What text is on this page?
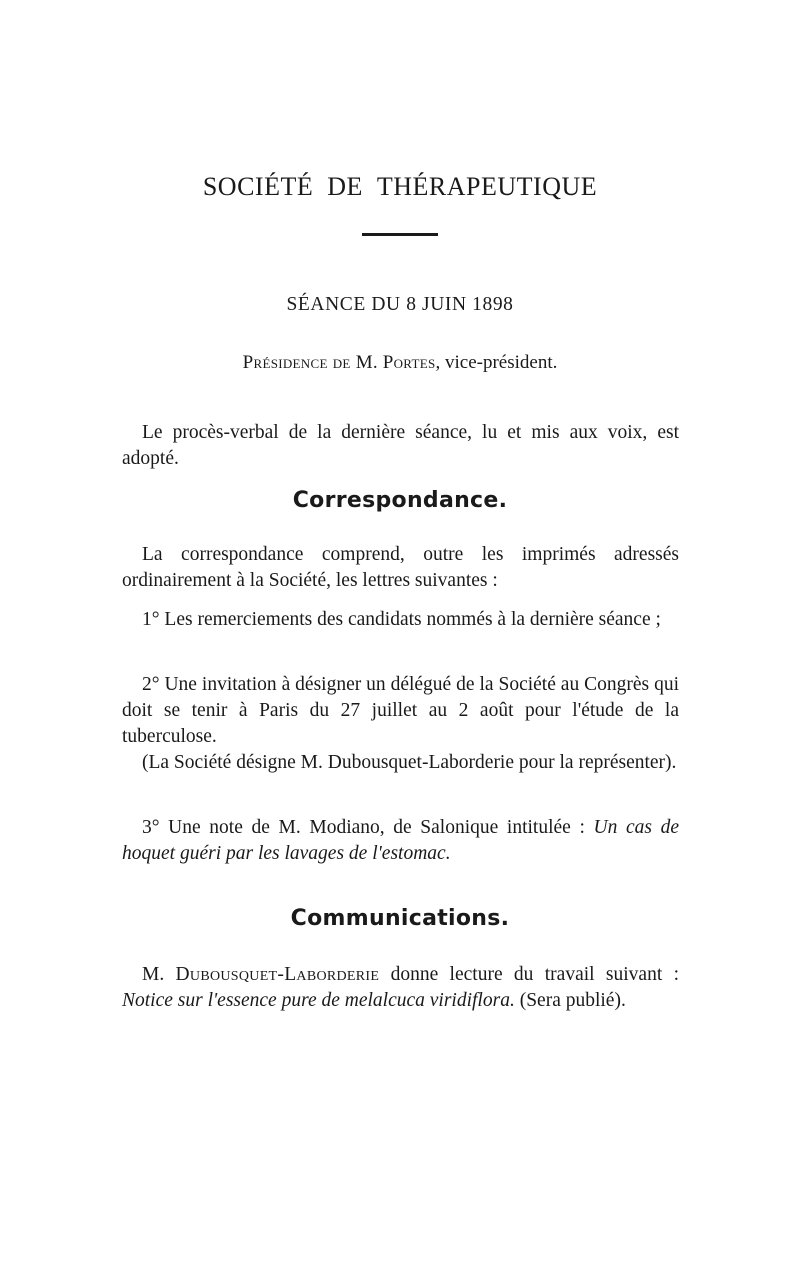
SOCIÉTÉ DE THÉRAPEUTIQUE
SÉANCE DU 8 JUIN 1898
Présidence de M. Portes, vice-président.

Le procès-verbal de la dernière séance, lu et mis aux voix, est adopté.

Correspondance.

La correspondance comprend, outre les imprimés adressés ordinairement à la Société, les lettres suivantes :

1° Les remerciements des candidats nommés à la dernière séance ;

2° Une invitation à désigner un délégué de la Société au Congrès qui doit se tenir à Paris du 27 juillet au 2 août pour l'étude de la tuberculose.

(La Société désigne M. Dubousquet-Laborderie pour la représenter).

3° Une note de M. Modiano, de Salonique intitulée : Un cas de hoquet guéri par les lavages de l'estomac.

Communications.

M. Dubousquet-Laborderie donne lecture du travail suivant : Notice sur l'essence pure de melalcuca viridiflora. (Sera publié).
